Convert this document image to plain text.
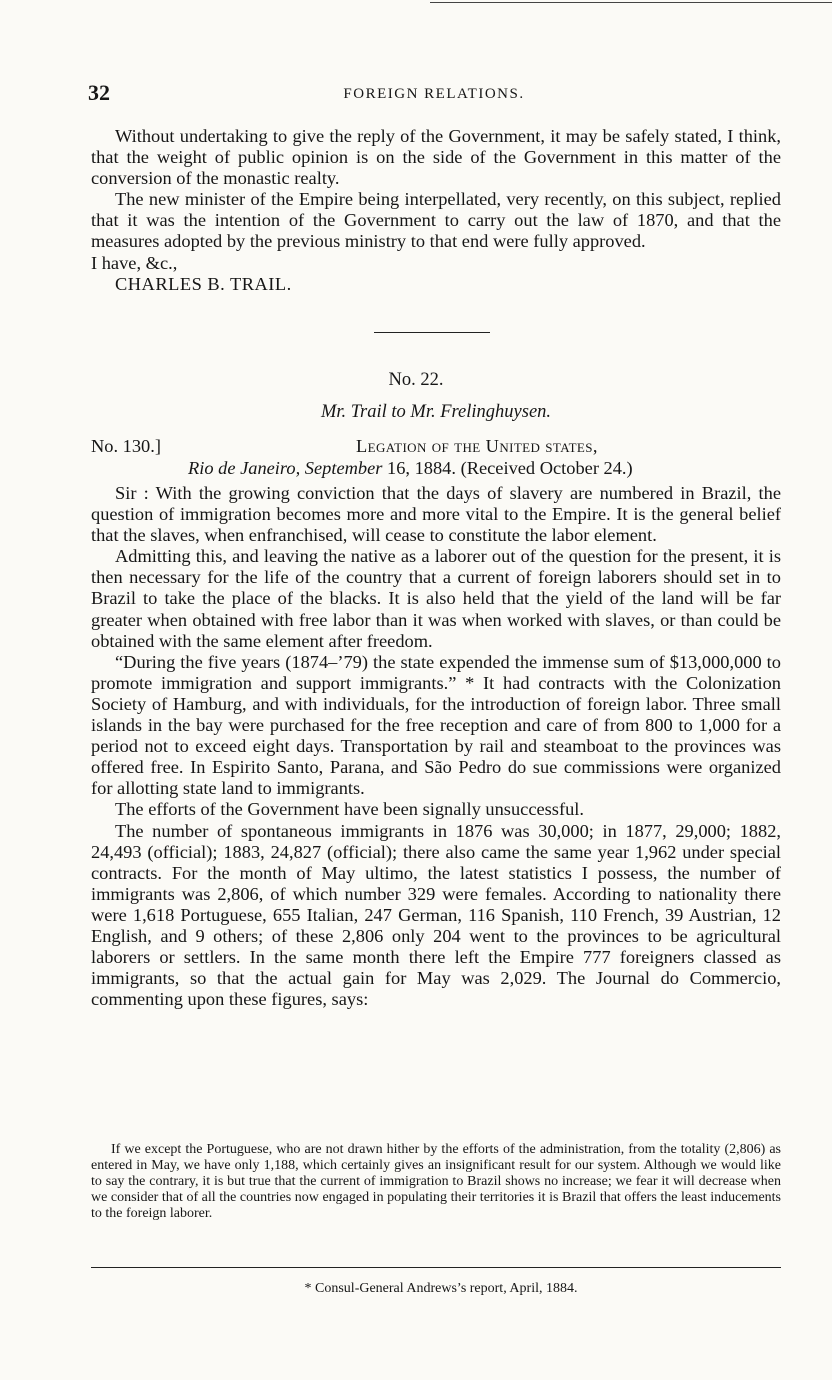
32	FOREIGN RELATIONS.

Without undertaking to give the reply of the Government, it may be safely stated, I think, that the weight of public opinion is on the side of the Government in this matter of the conversion of the monastic realty.

The new minister of the Empire being interpellated, very recently, on this subject, replied that it was the intention of the Government to carry out the law of 1870, and that the measures adopted by the previous ministry to that end were fully approved.

I have, &c.,

CHARLES B. TRAIL.

No. 22.
Mr. Trail to Mr. Frelinghuysen.
No. 130.]	Legation of the United states,
Rio de Janeiro, September 16, 1884. (Received October 24.)

Sir : With the growing conviction that the days of slavery are numbered in Brazil, the question of immigration becomes more and more vital to the Empire. It is the general belief that the slaves, when enfranchised, will cease to constitute the labor element.

Admitting this, and leaving the native as a laborer out of the question for the present, it is then necessary for the life of the country that a current of foreign laborers should set in to Brazil to take the place of the blacks. It is also held that the yield of the land will be far greater when obtained with free labor than it was when worked with slaves, or than could be obtained with the same element after freedom.

“During the five years (1874–’79) the state expended the immense sum of $13,000,000 to promote immigration and support immigrants.” * It had contracts with the Colonization Society of Hamburg, and with individuals, for the introduction of foreign labor. Three small islands in the bay were purchased for the free reception and care of from 800 to 1,000 for a period not to exceed eight days. Transportation by rail and steamboat to the provinces was offered free. In Espirito Santo, Parana, and São Pedro do sue commissions were organized for allotting state land to immigrants.

The efforts of the Government have been signally unsuccessful.

The number of spontaneous immigrants in 1876 was 30,000; in 1877, 29,000; 1882, 24,493 (official); 1883, 24,827 (official); there also came the same year 1,962 under special contracts. For the month of May ultimo, the latest statistics I possess, the number of immigrants was 2,806, of which number 329 were females. According to nationality there were 1,618 Portuguese, 655 Italian, 247 German, 116 Spanish, 110 French, 39 Austrian, 12 English, and 9 others; of these 2,806 only 204 went to the provinces to be agricultural laborers or settlers. In the same month there left the Empire 777 foreigners classed as immigrants, so that the actual gain for May was 2,029. The Journal do Commercio, commenting upon these figures, says:

If we except the Portuguese, who are not drawn hither by the efforts of the administration, from the totality (2,806) as entered in May, we have only 1,188, which certainly gives an insignificant result for our system. Although we would like to say the contrary, it is but true that the current of immigration to Brazil shows no increase; we fear it will decrease when we consider that of all the countries now engaged in populating their territories it is Brazil that offers the least inducements to the foreign laborer.
* Consul-General Andrews’s report, April, 1884.
